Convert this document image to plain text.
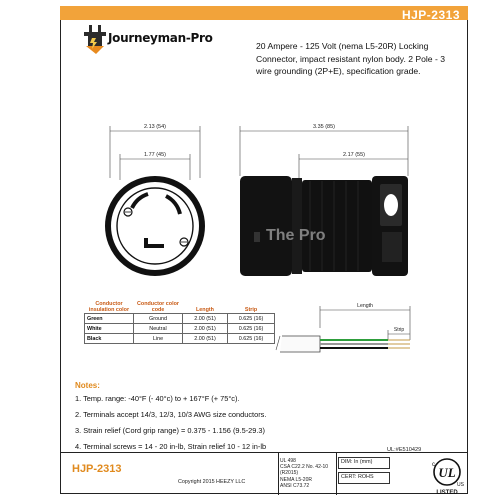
HJP-2313
Journeyman-Pro
20 Ampere - 125 Volt (nema L5-20R) Locking Connector, impact resistant nylon body. 2 Pole - 3 wire grounding (2P+E), specification grade.
2.13 (54)
1.77 (45)
3.35 (85)
2.17 (55)
The Pro
Length
Strip
Conductor insulation color	Conductor color code	Length	Strip
Green	Ground	2.00 (51)	0.625 (16)
White	Neutral	2.00 (51)	0.625 (16)
Black	Line	2.00 (51)	0.625 (16)
Notes:
1. Temp. range: -40°F (- 40°c) to + 167°F (+ 75°c).
2. Terminals accept 14/3, 12/3, 10/3 AWG size conductors.
3. Strain relief (Cord grip range) = 0.375 - 1.156 (9.5-29.3)
4. Terminal screws = 14 - 20 in-lb, Strain relief 10 - 12 in-lb	UL:#E510429
HJP-2313
Copyright 2015 HEEZY LLC
UL 498
CSA C22.2 No. 42-10
(R2015)
NEMA L5-20R
ANSI C73.72
DIM: In (mm)
CERT: ROHS	UL
c
US
LISTED
